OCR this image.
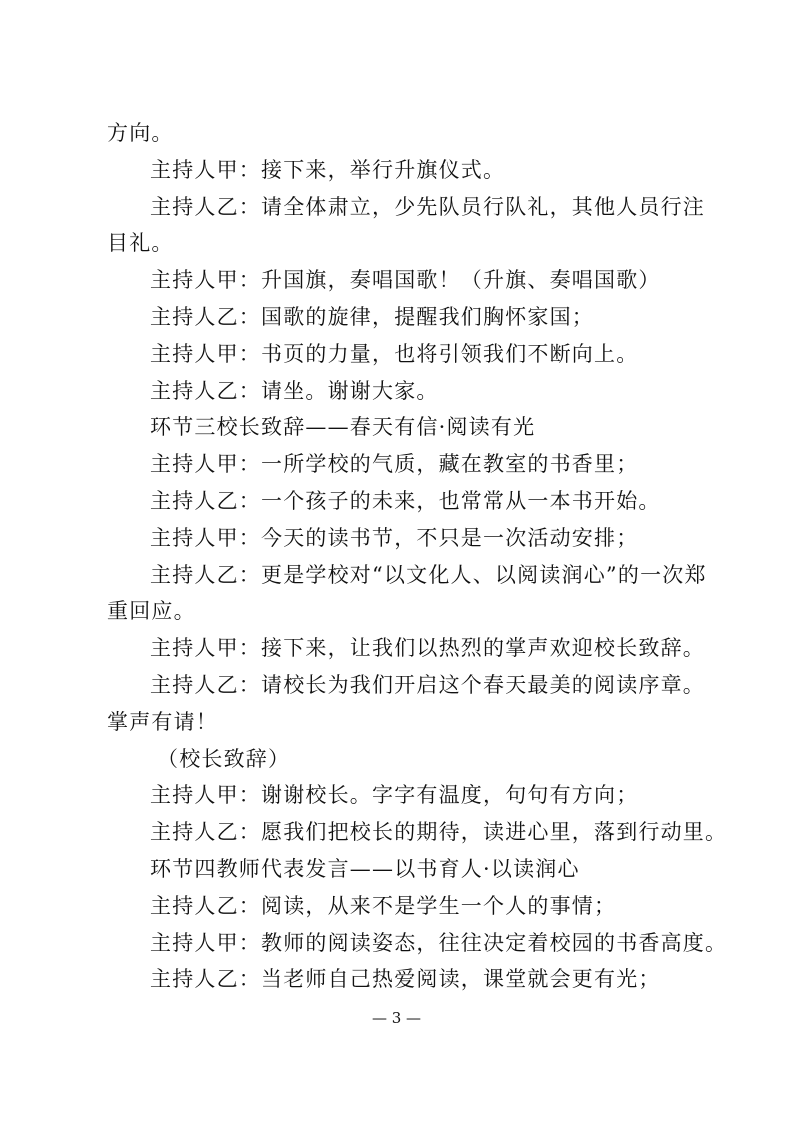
方向。
主持人甲：接下来，举行升旗仪式。
主持人乙：请全体肃立，少先队员行队礼，其他人员行注
目礼。
主持人甲：升国旗，奏唱国歌！（升旗、奏唱国歌）
主持人乙：国歌的旋律，提醒我们胸怀家国；
主持人甲：书页的力量，也将引领我们不断向上。
主持人乙：请坐。谢谢大家。
环节三校长致辞——春天有信·阅读有光
主持人甲：一所学校的气质，藏在教室的书香里；
主持人乙：一个孩子的未来，也常常从一本书开始。
主持人甲：今天的读书节，不只是一次活动安排；
主持人乙：更是学校对“以文化人、以阅读润心”的一次郑
重回应。
主持人甲：接下来，让我们以热烈的掌声欢迎校长致辞。
主持人乙：请校长为我们开启这个春天最美的阅读序章。
掌声有请！
（校长致辞）
主持人甲：谢谢校长。字字有温度，句句有方向；
主持人乙：愿我们把校长的期待，读进心里，落到行动里。
环节四教师代表发言——以书育人·以读润心
主持人乙：阅读，从来不是学生一个人的事情；
主持人甲：教师的阅读姿态，往往决定着校园的书香高度。
主持人乙：当老师自己热爱阅读，课堂就会更有光；
— 3 —
